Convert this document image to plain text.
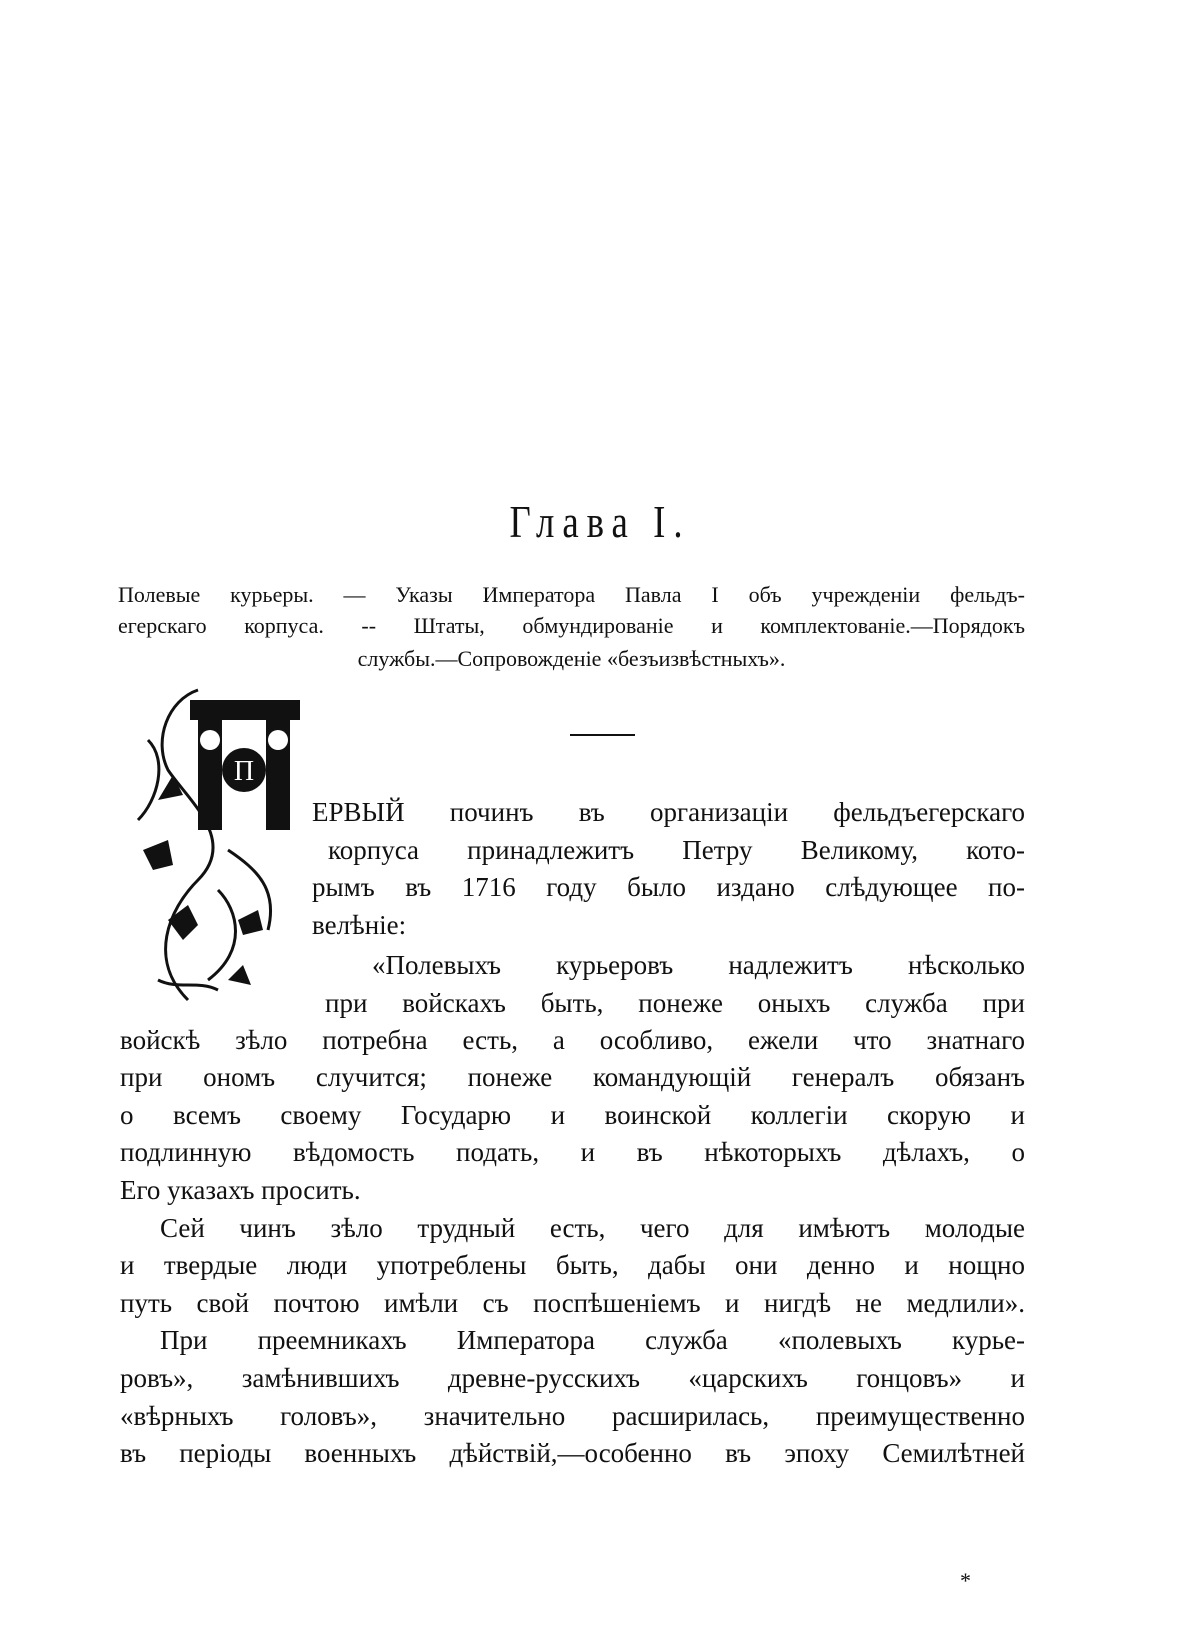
Глава I.
Полевые курьеры. — Указы Императора Павла I объ учрежденіи фельдъ-
егерскаго корпуса. -- Штаты, обмундированіе и комплектованіе.—Порядокъ
службы.—Сопровожденіе «безъизвѣстныхъ».
П
ЕРВЫЙ починъ въ организаціи фельдъегерскаго
корпуса принадлежитъ Петру Великому, кото-
рымъ въ 1716 году было издано слѣдующее по-
велѣніе:
«Полевыхъ курьеровъ надлежитъ нѣсколько
при войскахъ быть, понеже оныхъ служба при
войскѣ зѣло потребна есть, а особливо, ежели что знатнаго
при ономъ случится; понеже командующій генералъ обязанъ
о всемъ своему Государю и воинской коллегіи скорую и
подлинную вѣдомость подать, и въ нѣкоторыхъ дѣлахъ, о
Его указахъ просить.
Сей чинъ зѣло трудный есть, чего для имѣютъ молодые
и твердые люди употреблены быть, дабы они денно и нощно
путь свой почтою имѣли съ поспѣшеніемъ и нигдѣ не медлили».
При преемникахъ Императора служба «полевыхъ курье-
ровъ», замѣнившихъ древне-русскихъ «царскихъ гонцовъ» и
«вѣрныхъ головъ», значительно расширилась, преимущественно
въ періоды военныхъ дѣйствій,—особенно въ эпоху Семилѣтней
*
